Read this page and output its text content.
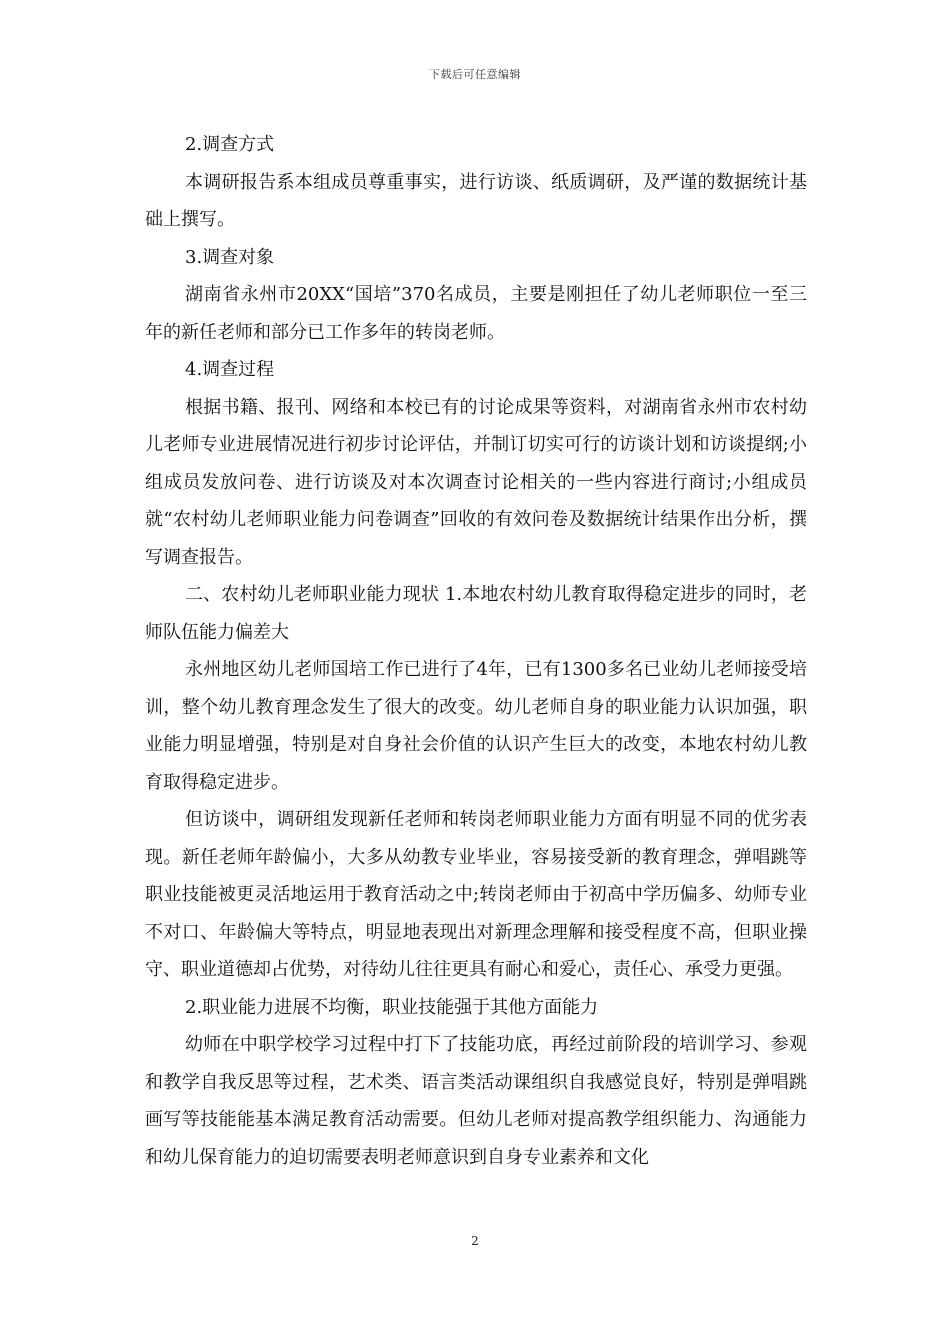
下载后可任意编辑

2.调查方式

本调研报告系本组成员尊重事实，进行访谈、纸质调研，及严谨的数据统计基础上撰写。

3.调查对象

湖南省永州市20XX“国培”370名成员，主要是刚担任了幼儿老师职位一至三年的新任老师和部分已工作多年的转岗老师。

4.调查过程

根据书籍、报刊、网络和本校已有的讨论成果等资料，对湖南省永州市农村幼儿老师专业进展情况进行初步讨论评估，并制订切实可行的访谈计划和访谈提纲;小组成员发放问卷、进行访谈及对本次调查讨论相关的一些内容进行商讨;小组成员就“农村幼儿老师职业能力问卷调查”回收的有效问卷及数据统计结果作出分析，撰写调查报告。

二、农村幼儿老师职业能力现状 1.本地农村幼儿教育取得稳定进步的同时，老师队伍能力偏差大

永州地区幼儿老师国培工作已进行了4年，已有1300多名已业幼儿老师接受培训，整个幼儿教育理念发生了很大的改变。幼儿老师自身的职业能力认识加强，职业能力明显增强，特别是对自身社会价值的认识产生巨大的改变，本地农村幼儿教育取得稳定进步。

但访谈中，调研组发现新任老师和转岗老师职业能力方面有明显不同的优劣表现。新任老师年龄偏小，大多从幼教专业毕业，容易接受新的教育理念，弹唱跳等职业技能被更灵活地运用于教育活动之中;转岗老师由于初高中学历偏多、幼师专业不对口、年龄偏大等特点，明显地表现出对新理念理解和接受程度不高，但职业操守、职业道德却占优势，对待幼儿往往更具有耐心和爱心，责任心、承受力更强。

2.职业能力进展不均衡，职业技能强于其他方面能力

幼师在中职学校学习过程中打下了技能功底，再经过前阶段的培训学习、参观和教学自我反思等过程，艺术类、语言类活动课组织自我感觉良好，特别是弹唱跳画写等技能能基本满足教育活动需要。但幼儿老师对提高教学组织能力、沟通能力和幼儿保育能力的迫切需要表明老师意识到自身专业素养和文化

2
